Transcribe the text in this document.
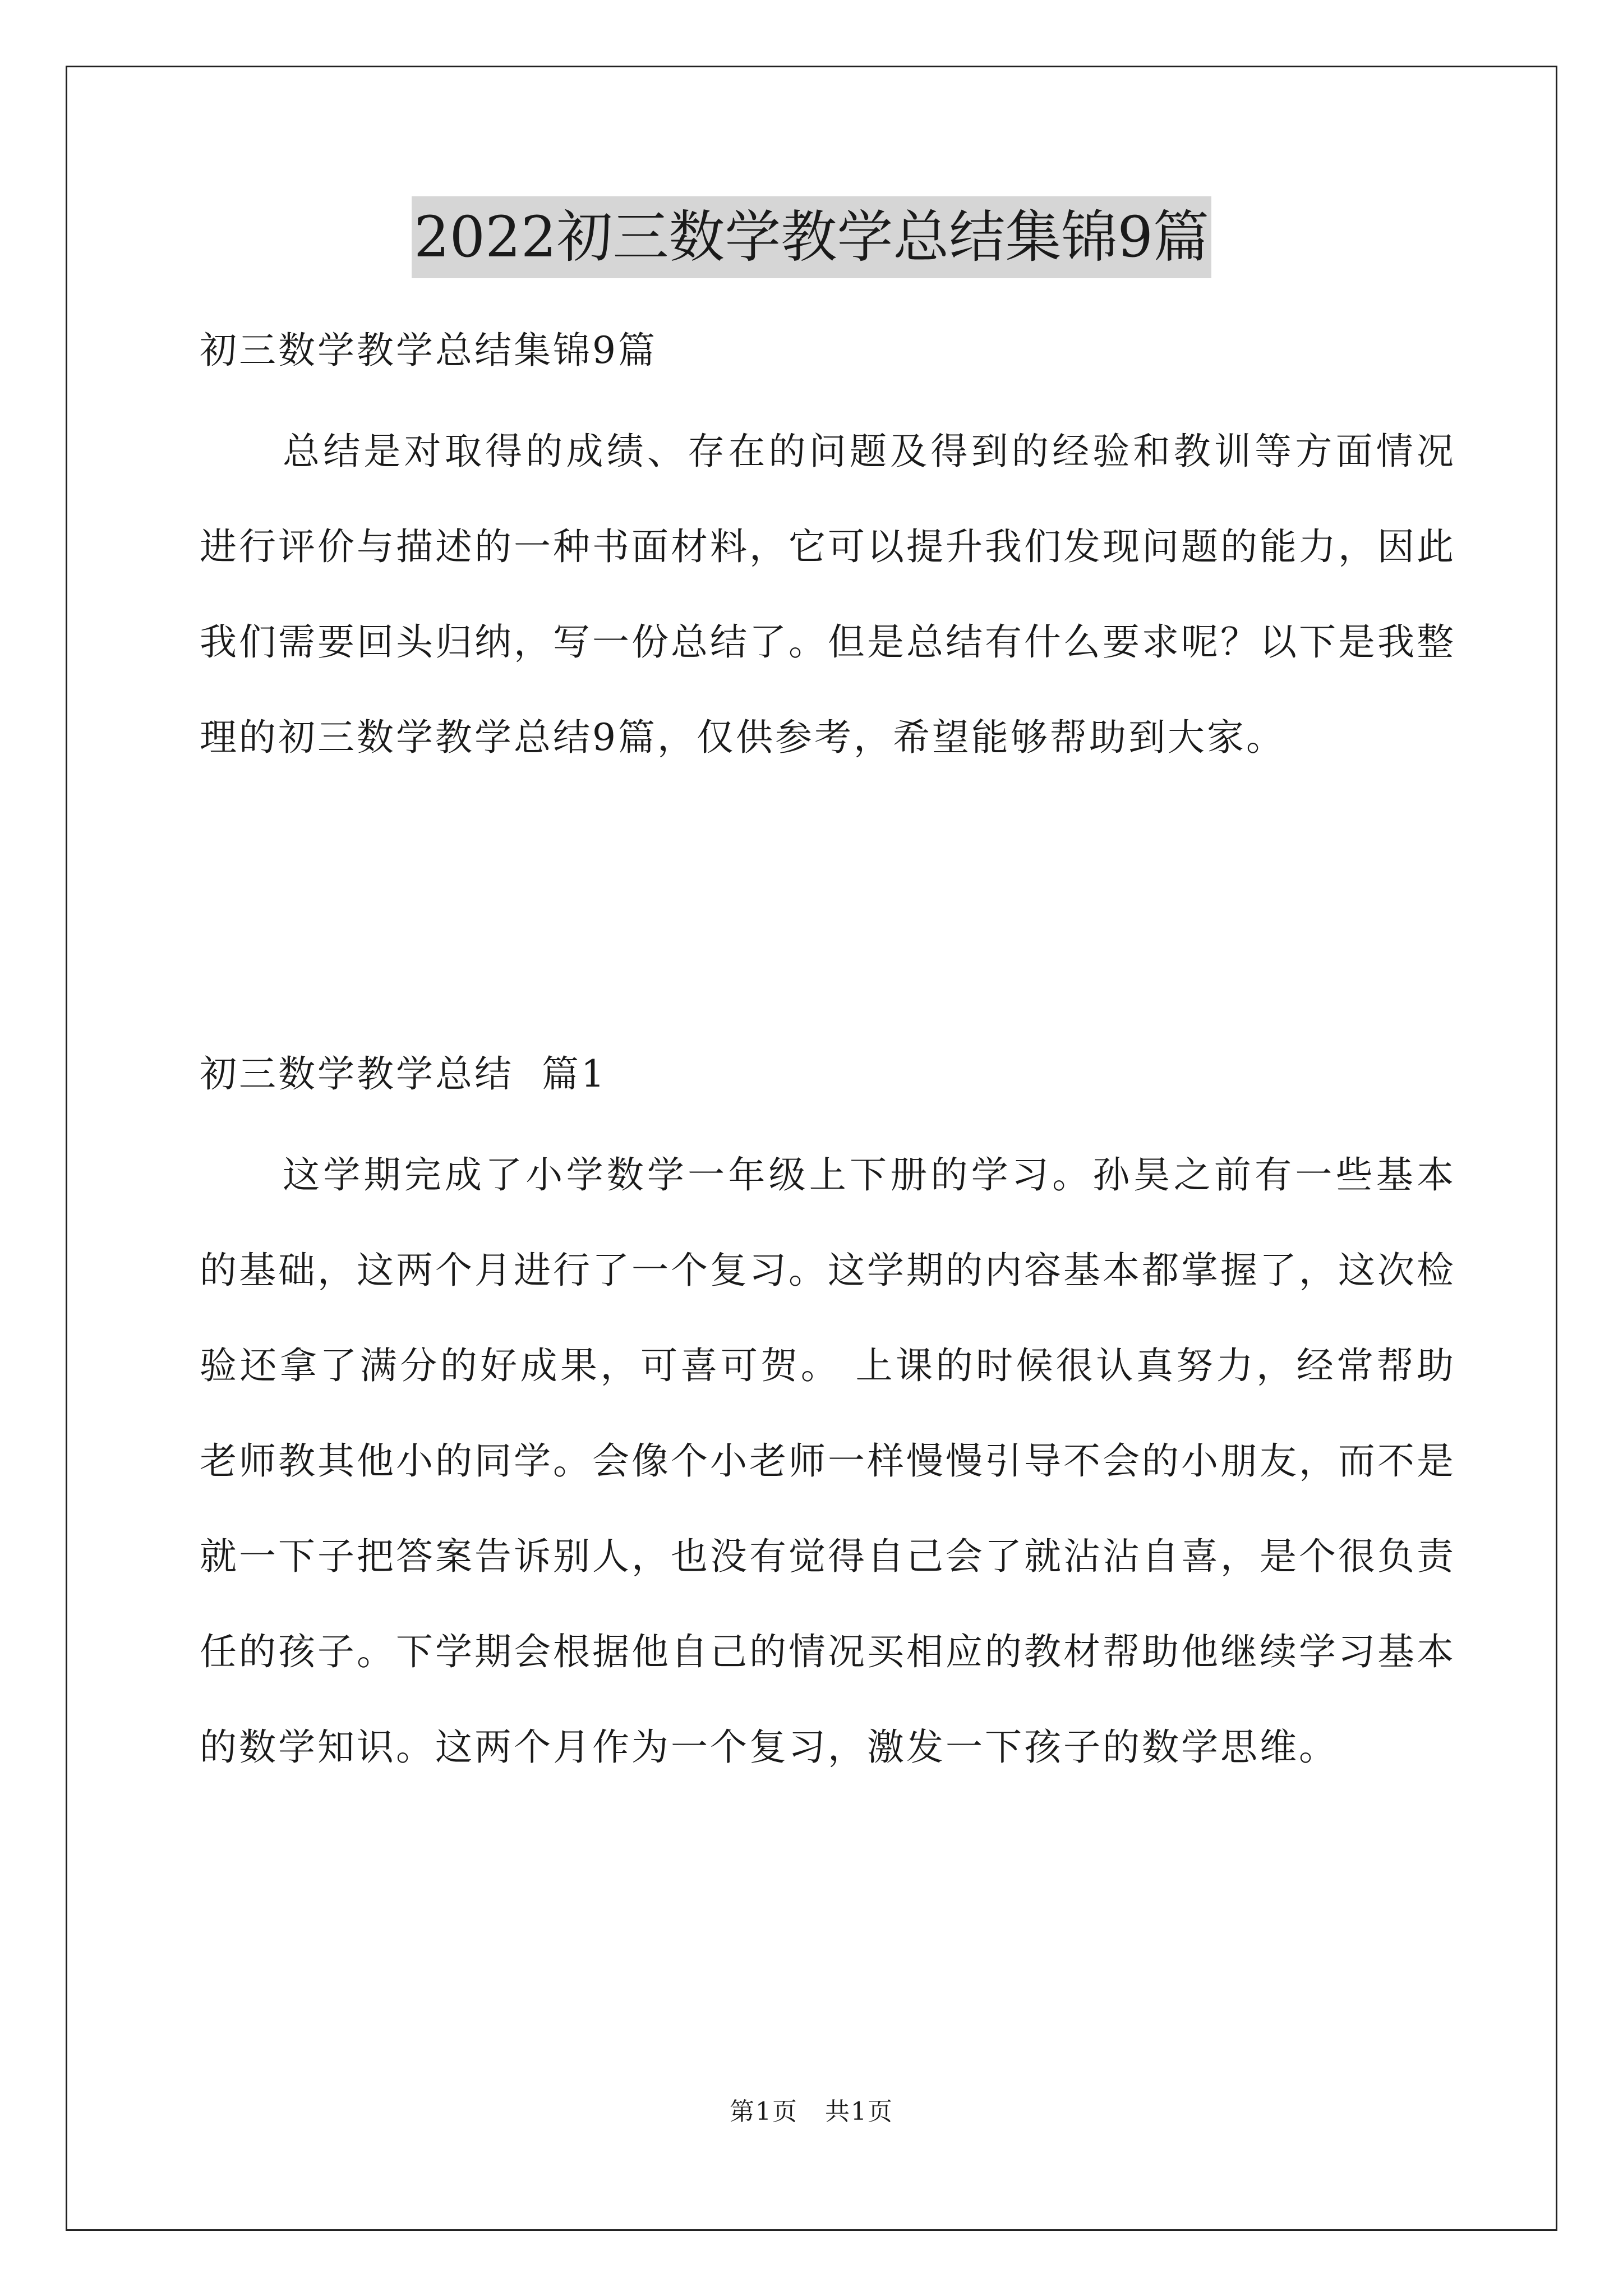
2022初三数学教学总结集锦9篇

初三数学教学总结集锦9篇

总结是对取得的成绩、存在的问题及得到的经验和教训等方面情况进行评价与描述的一种书面材料，它可以提升我们发现问题的能力，因此我们需要回头归纳，写一份总结了。但是总结有什么要求呢？以下是我整理的初三数学教学总结9篇，仅供参考，希望能够帮助到大家。

初三数学教学总结  篇1

这学期完成了小学数学一年级上下册的学习。孙昊之前有一些基本的基础，这两个月进行了一个复习。这学期的内容基本都掌握了，这次检验还拿了满分的好成果，可喜可贺。 上课的时候很认真努力，经常帮助老师教其他小的同学。会像个小老师一样慢慢引导不会的小朋友，而不是就一下子把答案告诉别人，也没有觉得自己会了就沾沾自喜，是个很负责任的孩子。下学期会根据他自己的情况买相应的教材帮助他继续学习基本的数学知识。这两个月作为一个复习，激发一下孩子的数学思维。

第1页   共1页
